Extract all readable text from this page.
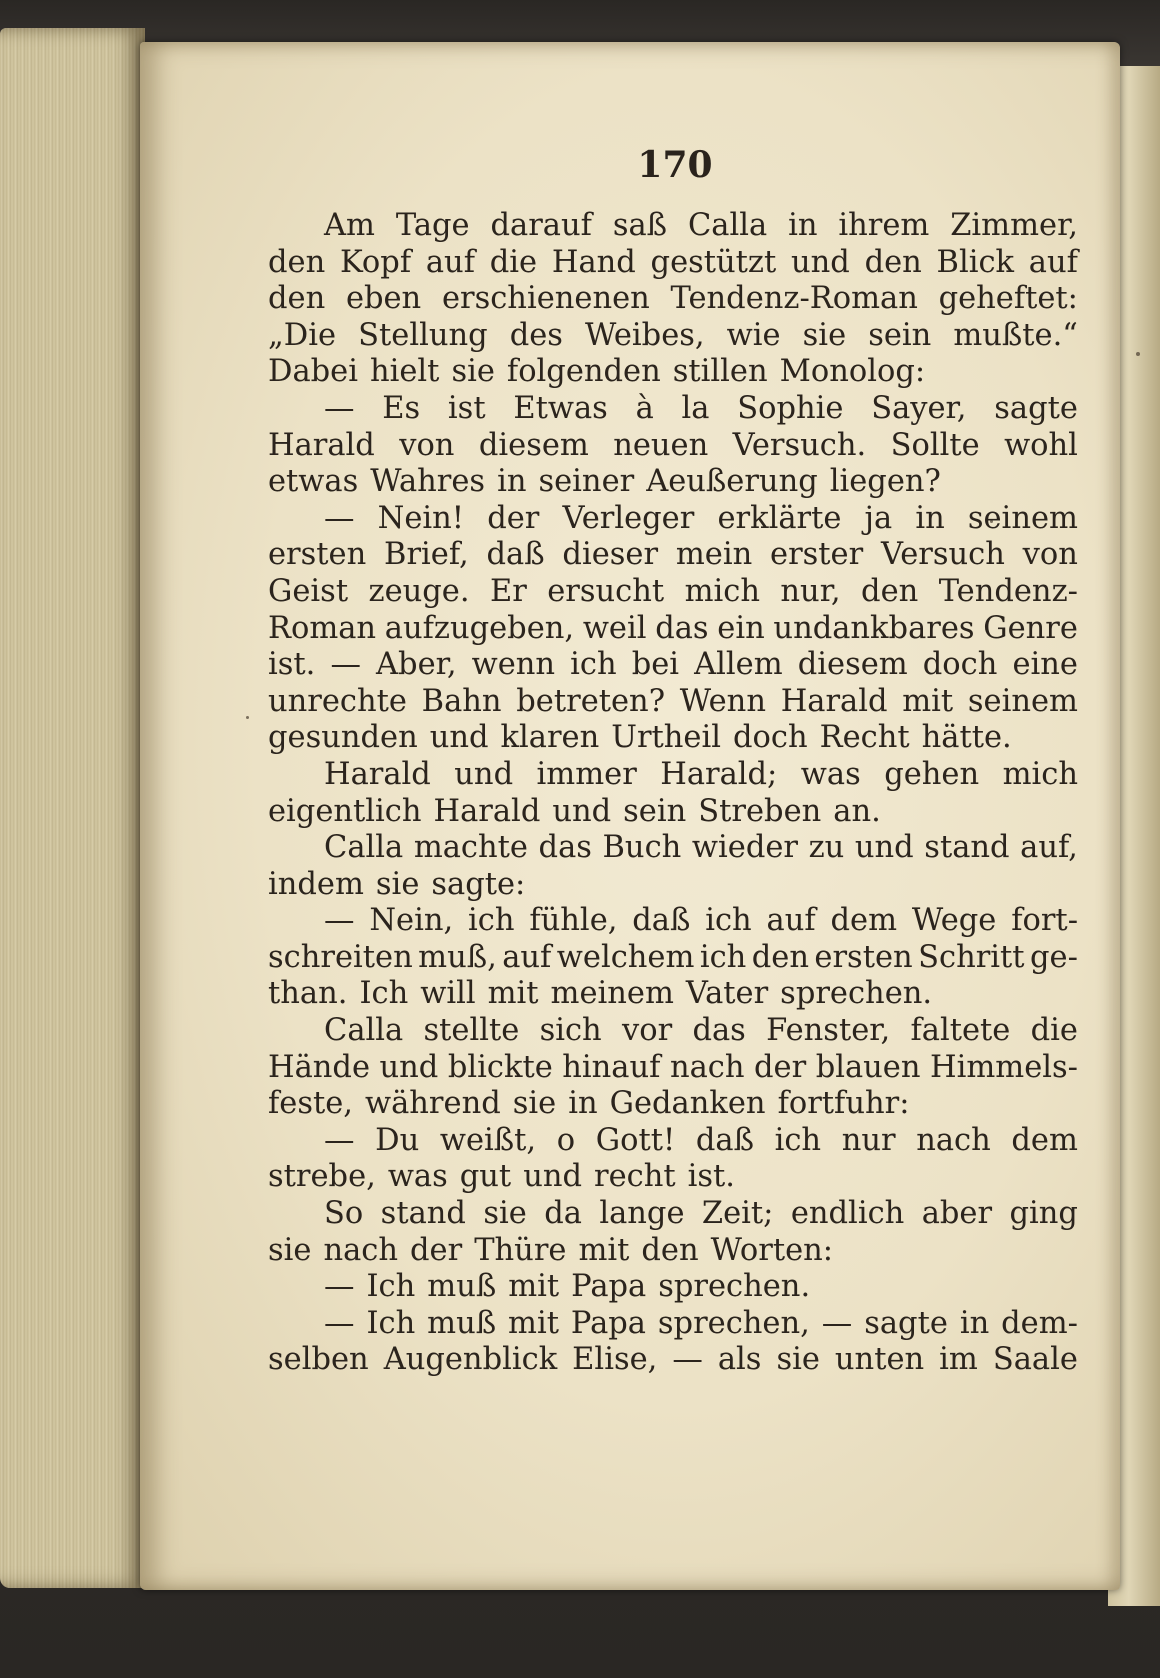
170
Am Tage darauf saß Calla in ihrem Zimmer,
den Kopf auf die Hand gestützt und den Blick auf
den eben erschienenen Tendenz-Roman geheftet:
„Die Stellung des Weibes, wie sie sein mußte.“
Dabei hielt sie folgenden stillen Monolog:
— Es ist Etwas à la Sophie Sayer, sagte
Harald von diesem neuen Versuch. Sollte wohl
etwas Wahres in seiner Aeußerung liegen?
— Nein! der Verleger erklärte ja in seinem
ersten Brief, daß dieser mein erster Versuch von
Geist zeuge. Er ersucht mich nur, den Tendenz-
Roman aufzugeben, weil das ein undankbares Genre
ist. — Aber, wenn ich bei Allem diesem doch eine
unrechte Bahn betreten? Wenn Harald mit seinem
gesunden und klaren Urtheil doch Recht hätte.
Harald und immer Harald; was gehen mich
eigentlich Harald und sein Streben an.
Calla machte das Buch wieder zu und stand auf,
indem sie sagte:
— Nein, ich fühle, daß ich auf dem Wege fort-
schreiten muß, auf welchem ich den ersten Schritt ge-
than. Ich will mit meinem Vater sprechen.
Calla stellte sich vor das Fenster, faltete die
Hände und blickte hinauf nach der blauen Himmels-
feste, während sie in Gedanken fortfuhr:
— Du weißt, o Gott! daß ich nur nach dem
strebe, was gut und recht ist.
So stand sie da lange Zeit; endlich aber ging
sie nach der Thüre mit den Worten:
— Ich muß mit Papa sprechen.
— Ich muß mit Papa sprechen, — sagte in dem-
selben Augenblick Elise, — als sie unten im Saale
